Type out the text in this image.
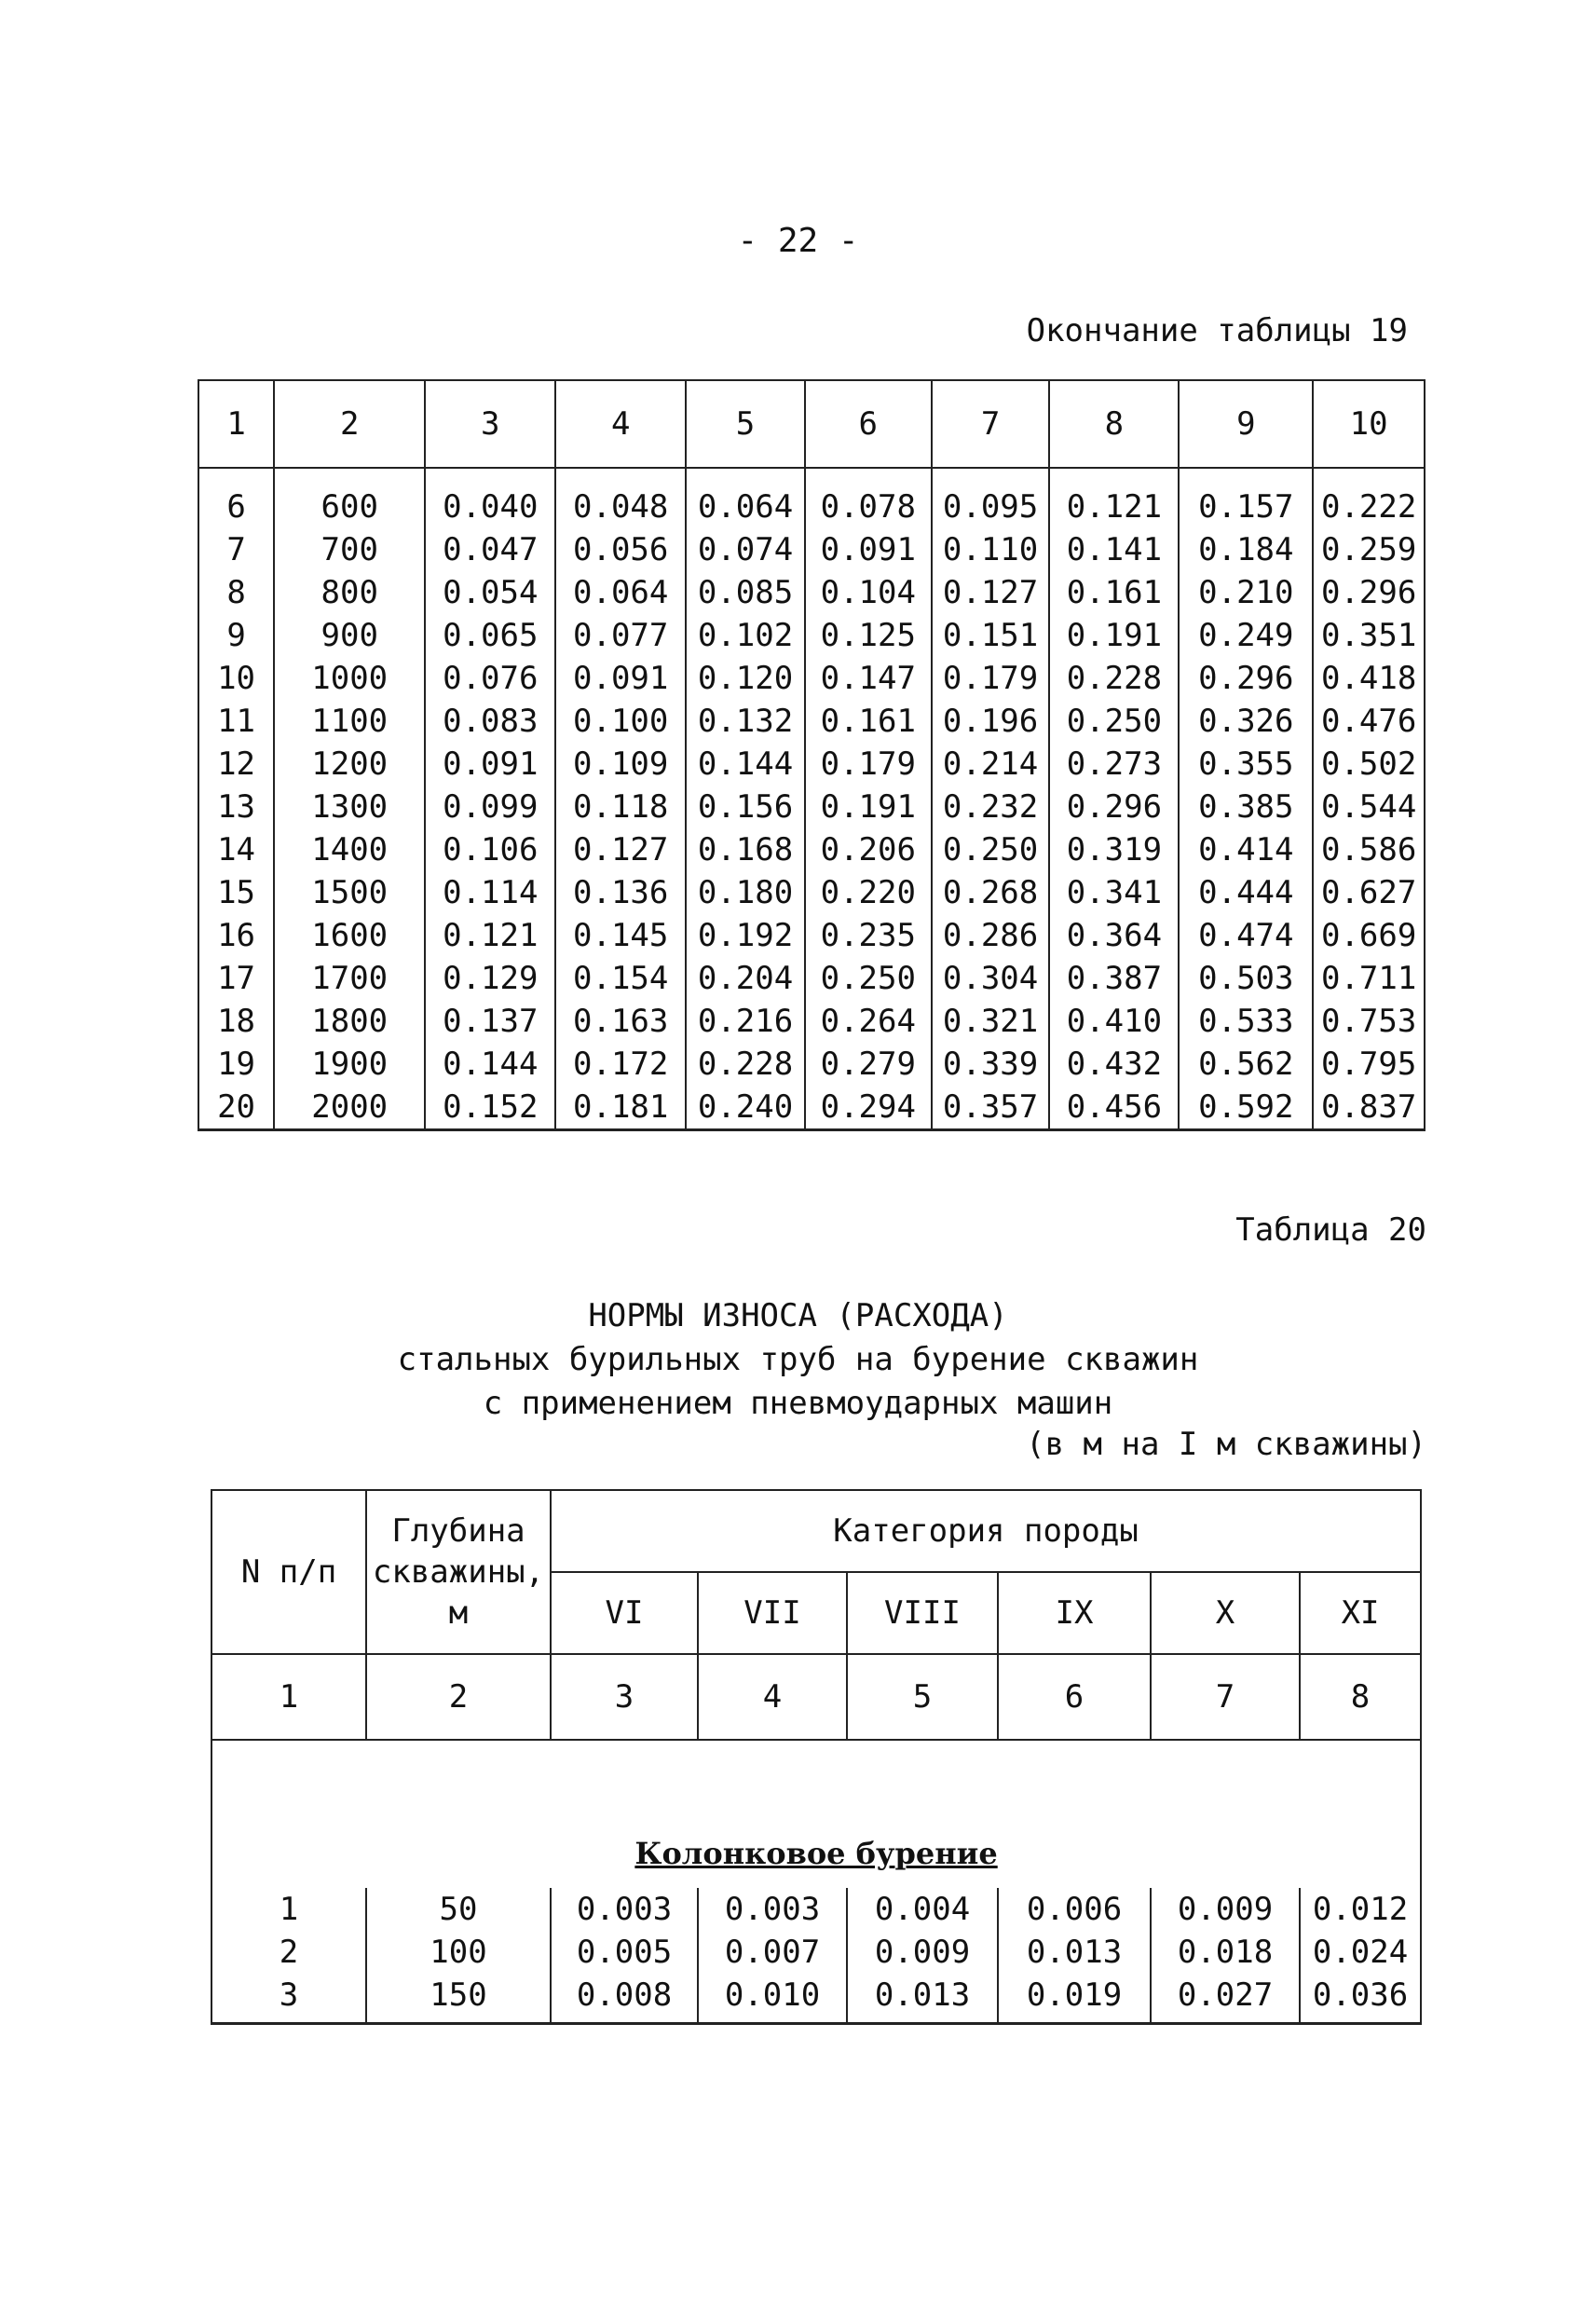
- 22 -
Окончание таблицы 19
1	2	3	4	5	6	7	8	9	10
6	600	0.040	0.048	0.064	0.078	0.095	0.121	0.157	0.222
7	700	0.047	0.056	0.074	0.091	0.110	0.141	0.184	0.259
8	800	0.054	0.064	0.085	0.104	0.127	0.161	0.210	0.296
9	900	0.065	0.077	0.102	0.125	0.151	0.191	0.249	0.351
10	1000	0.076	0.091	0.120	0.147	0.179	0.228	0.296	0.418
11	1100	0.083	0.100	0.132	0.161	0.196	0.250	0.326	0.476
12	1200	0.091	0.109	0.144	0.179	0.214	0.273	0.355	0.502
13	1300	0.099	0.118	0.156	0.191	0.232	0.296	0.385	0.544
14	1400	0.106	0.127	0.168	0.206	0.250	0.319	0.414	0.586
15	1500	0.114	0.136	0.180	0.220	0.268	0.341	0.444	0.627
16	1600	0.121	0.145	0.192	0.235	0.286	0.364	0.474	0.669
17	1700	0.129	0.154	0.204	0.250	0.304	0.387	0.503	0.711
18	1800	0.137	0.163	0.216	0.264	0.321	0.410	0.533	0.753
19	1900	0.144	0.172	0.228	0.279	0.339	0.432	0.562	0.795
20	2000	0.152	0.181	0.240	0.294	0.357	0.456	0.592	0.837
Таблица 20
НОРМЫ ИЗНОСА (РАСХОДА)
стальных бурильных труб на бурение скважин
с применением пневмоударных машин
(в м на I м скважины)
N п/п	Глубина скважины, м	Категория породы					
		VI	VII	VIII	IX	X	XI
1	2	3	4	5	6	7	8
Колонковое бурение							
1	50	0.003	0.003	0.004	0.006	0.009	0.012
2	100	0.005	0.007	0.009	0.013	0.018	0.024
3	150	0.008	0.010	0.013	0.019	0.027	0.036
